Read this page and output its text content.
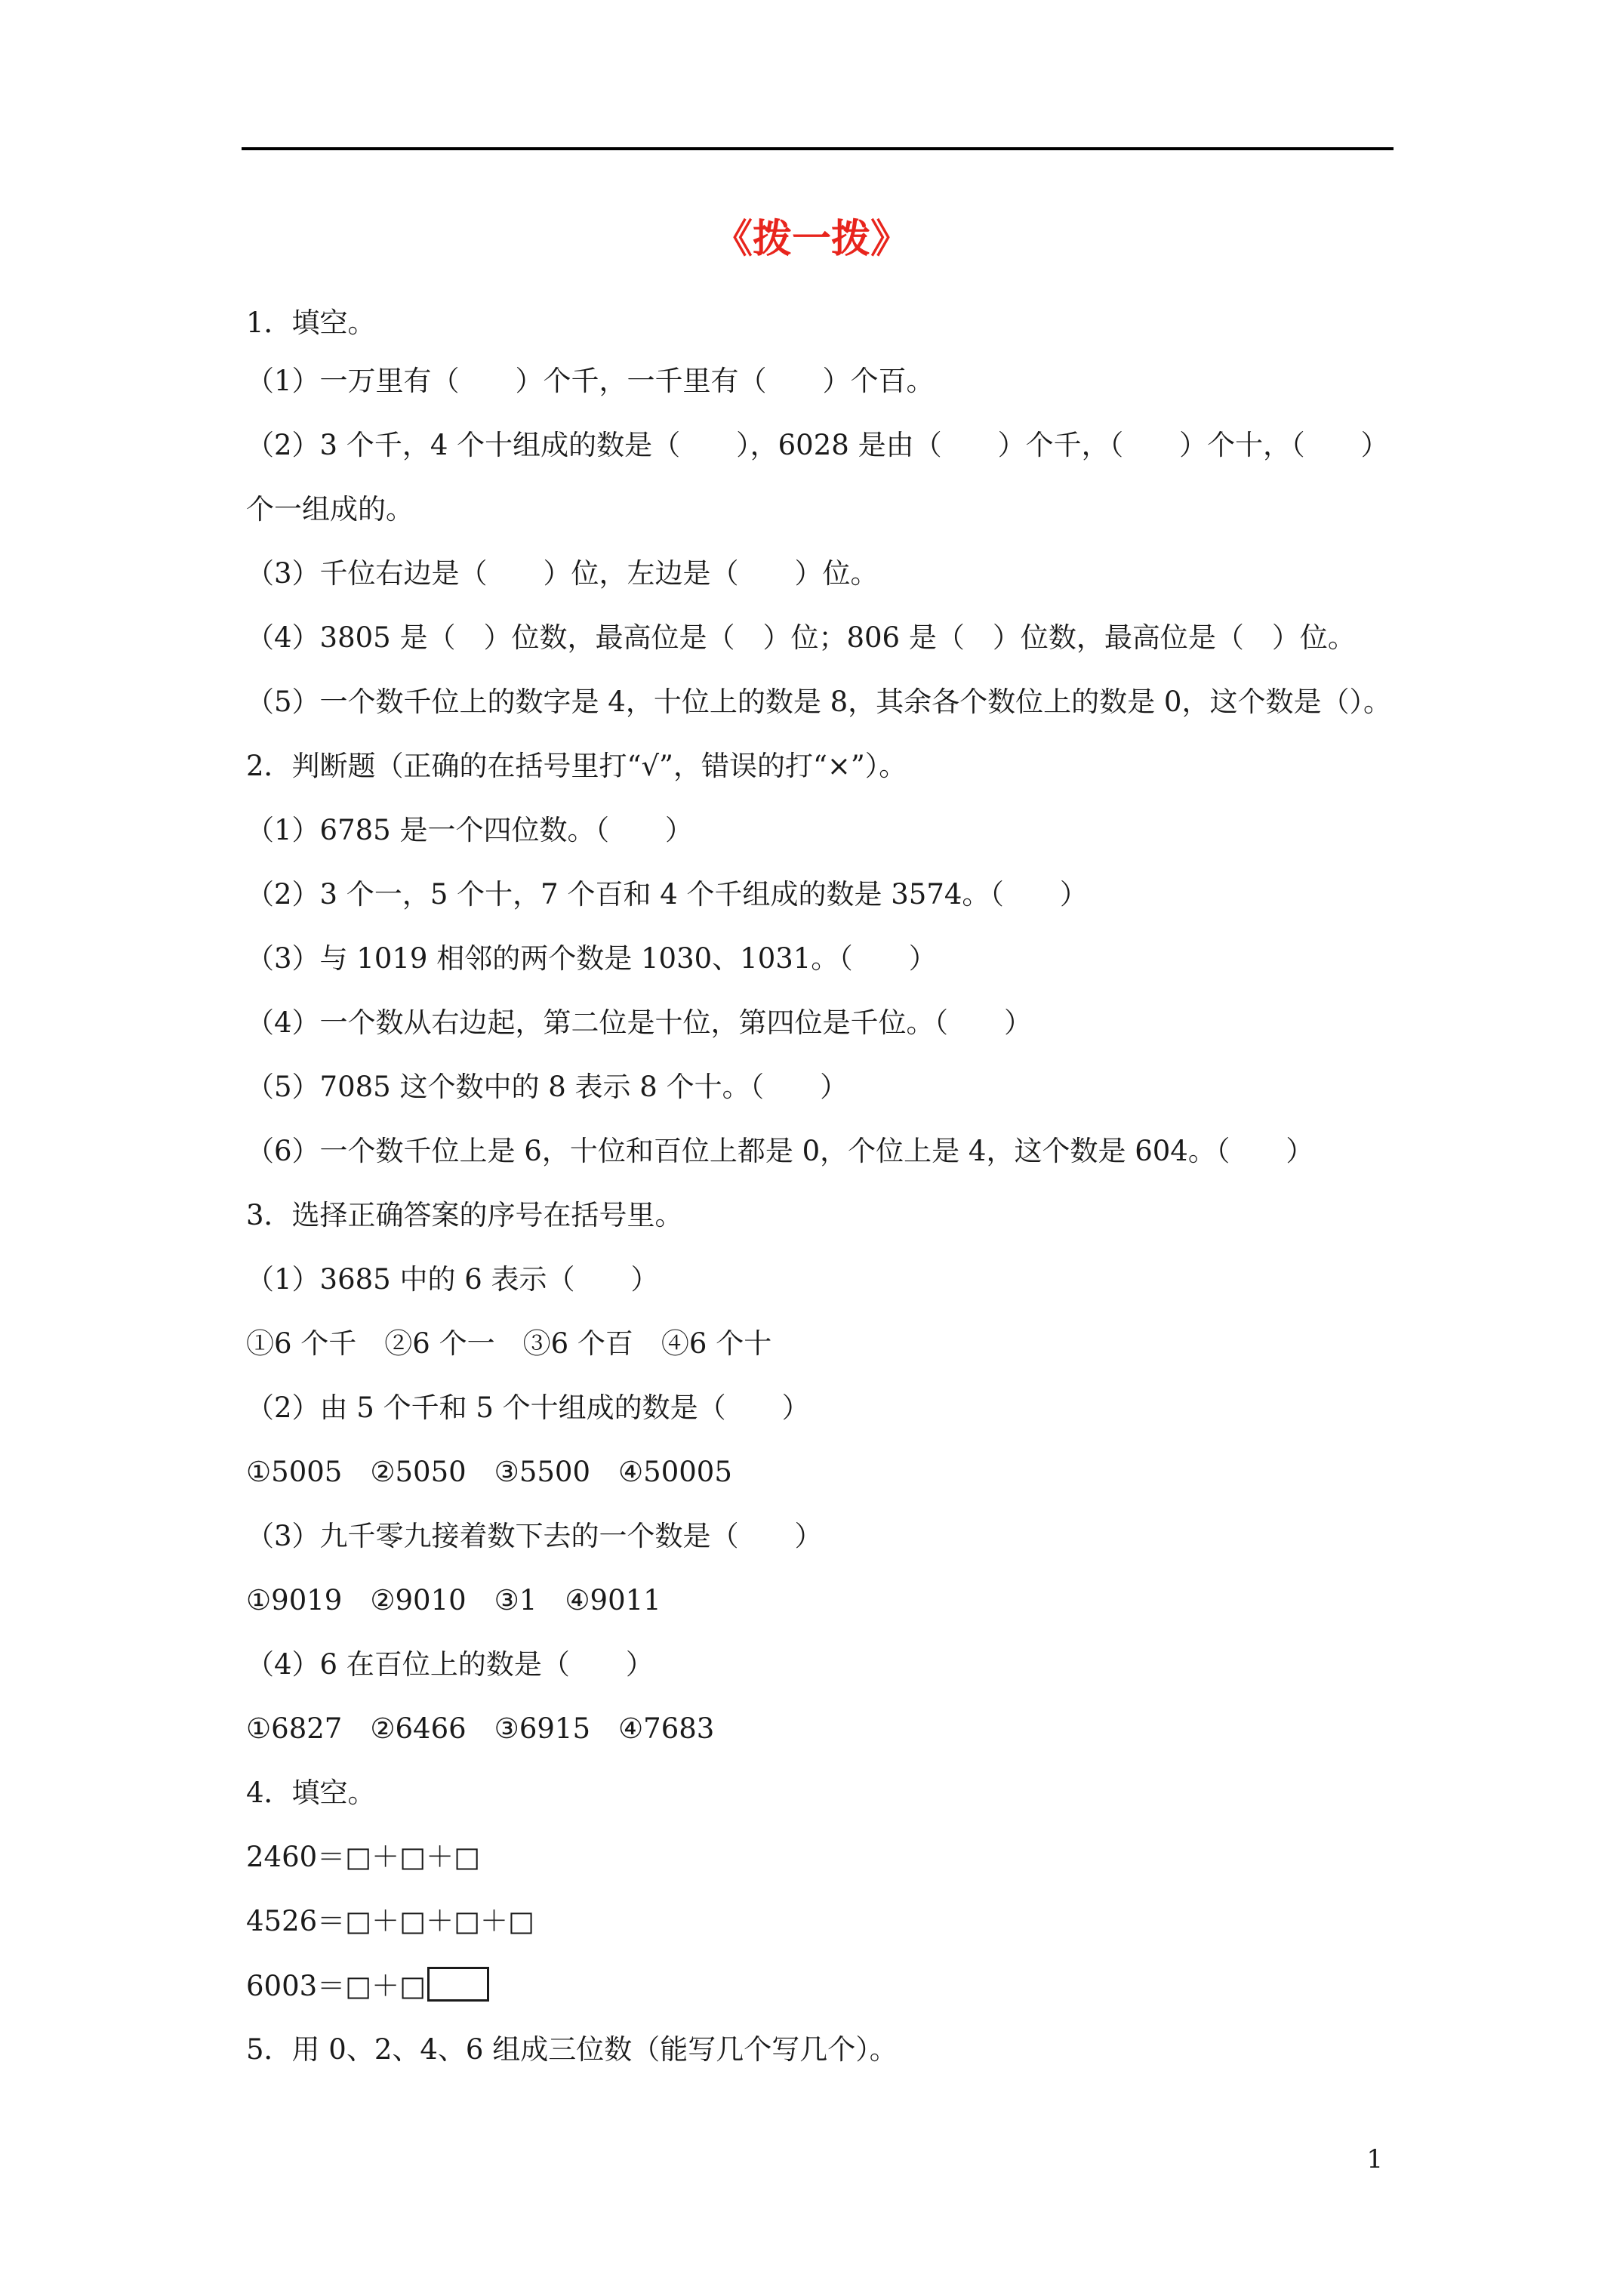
《拨一拨》
1．填空。
（1）一万里有（　　）个千，一千里有（　　）个百。
（2）3 个千，4 个十组成的数是（　　），6028 是由（　　）个千，（　　）个十，（　　）
个一组成的。
（3）千位右边是（　　）位，左边是（　　）位。
（4）3805 是（　）位数，最高位是（　）位；806 是（　）位数，最高位是（　）位。
（5）一个数千位上的数字是 4，十位上的数是 8，其余各个数位上的数是 0，这个数是（）。
2．判断题（正确的在括号里打“√”，错误的打“×”）。
（1）6785 是一个四位数。（　　）
（2）3 个一，5 个十，7 个百和 4 个千组成的数是 3574。（　　）
（3）与 1019 相邻的两个数是 1030、1031。（　　）
（4）一个数从右边起，第二位是十位，第四位是千位。（　　）
（5）7085 这个数中的 8 表示 8 个十。（　　）
（6）一个数千位上是 6，十位和百位上都是 0，个位上是 4，这个数是 604。（　　）
3．选择正确答案的序号在括号里。
（1）3685 中的 6 表示（　　）
①6 个千　②6 个一　③6 个百　④6 个十
（2）由 5 个千和 5 个十组成的数是（　　）
①5005　②5050　③5500　④50005
（3）九千零九接着数下去的一个数是（　　）
①9019　②9010　③1　④9011
（4）6 在百位上的数是（　　）
①6827　②6466　③6915　④7683
4．填空。
2460＝□＋□＋□
4526＝□＋□＋□＋□
6003＝□＋□
5．用 0、2、4、6 组成三位数（能写几个写几个）。
1
